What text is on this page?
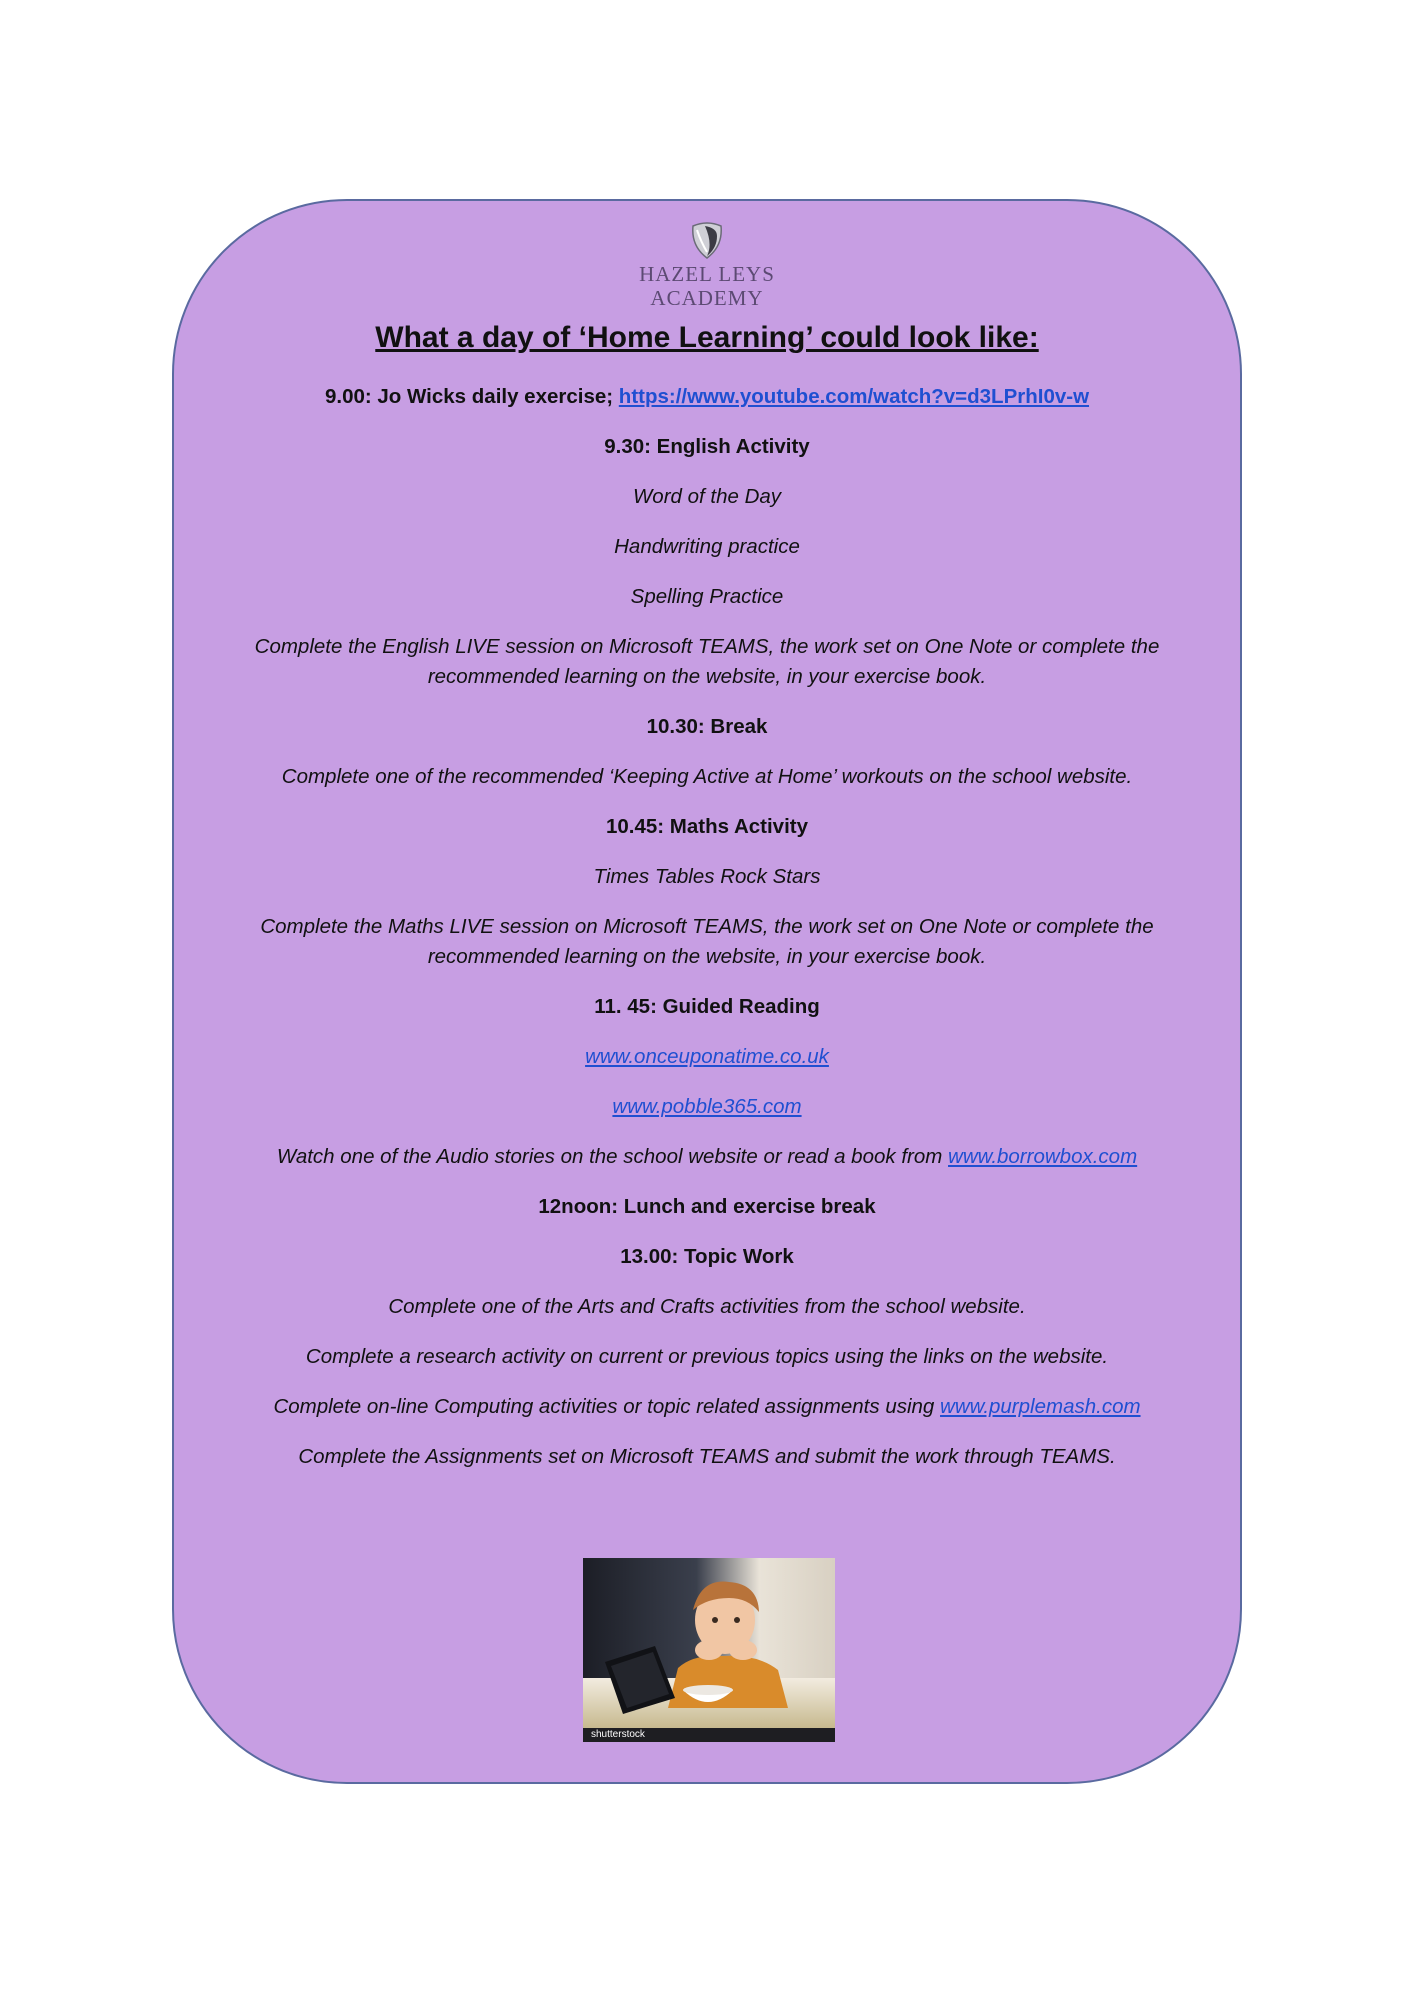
HAZEL LEYS
ACADEMY
What a day of ‘Home Learning’ could look like:
9.00: Jo Wicks daily exercise; https://www.youtube.com/watch?v=d3LPrhI0v-w
9.30: English Activity
Word of the Day
Handwriting practice
Spelling Practice
Complete the English LIVE session on Microsoft TEAMS, the work set on One Note or complete the
recommended learning on the website, in your exercise book.
10.30: Break
Complete one of the recommended ‘Keeping Active at Home’ workouts on the school website.
10.45: Maths Activity
Times Tables Rock Stars
Complete the Maths LIVE session on Microsoft TEAMS, the work set on One Note or complete the
recommended learning on the website, in your exercise book.
11. 45: Guided Reading
www.onceuponatime.co.uk
www.pobble365.com
Watch one of the Audio stories on the school website or read a book from www.borrowbox.com
12noon: Lunch and exercise break
13.00: Topic Work
Complete one of the Arts and Crafts activities from the school website.
Complete a research activity on current or previous topics using the links on the website.
Complete on-line Computing activities or topic related assignments using www.purplemash.com
Complete the Assignments set on Microsoft TEAMS and submit the work through TEAMS.
shutterstock
